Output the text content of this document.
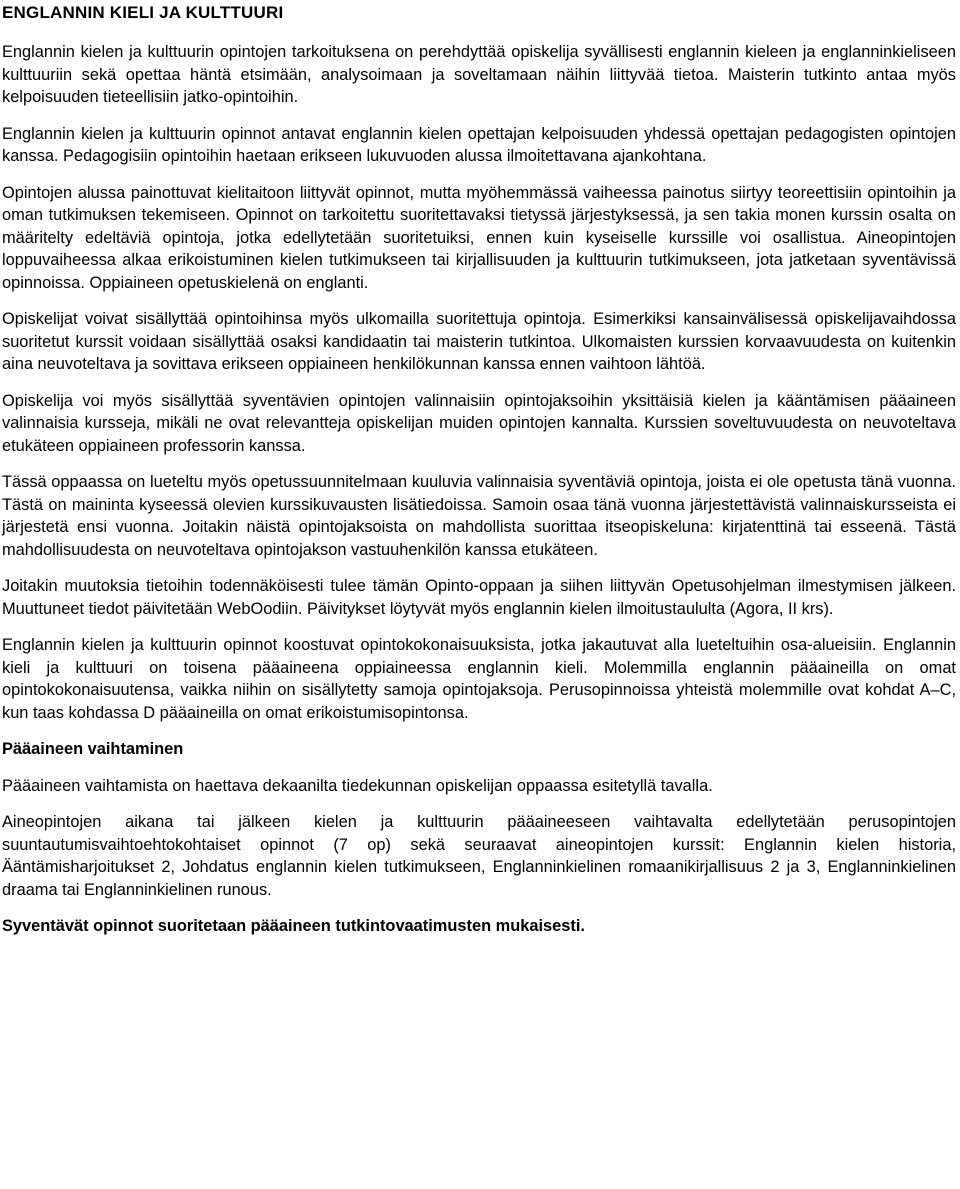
ENGLANNIN KIELI JA KULTTUURI

Englannin kielen ja kulttuurin opintojen tarkoituksena on perehdyttää opiskelija syvällisesti englannin kieleen ja englanninkieliseen kulttuuriin sekä opettaa häntä etsimään, analysoimaan ja soveltamaan näihin liittyvää tietoa. Maisterin tutkinto antaa myös kelpoisuuden tieteellisiin jatko-opintoihin.

Englannin kielen ja kulttuurin opinnot antavat englannin kielen opettajan kelpoisuuden yhdessä opettajan pedagogisten opintojen kanssa. Pedagogisiin opintoihin haetaan erikseen lukuvuoden alussa ilmoitettavana ajankohtana.

Opintojen alussa painottuvat kielitaitoon liittyvät opinnot, mutta myöhemmässä vaiheessa painotus siirtyy teoreettisiin opintoihin ja oman tutkimuksen tekemiseen. Opinnot on tarkoitettu suoritettavaksi tietyssä järjestyksessä, ja sen takia monen kurssin osalta on määritelty edeltäviä opintoja, jotka edellytetään suoritetuiksi, ennen kuin kyseiselle kurssille voi osallistua. Aineopintojen loppuvaiheessa alkaa erikoistuminen kielen tutkimukseen tai kirjallisuuden ja kulttuurin tutkimukseen, jota jatketaan syventävissä opinnoissa. Oppiaineen opetuskielenä on englanti.

Opiskelijat voivat sisällyttää opintoihinsa myös ulkomailla suoritettuja opintoja. Esimerkiksi kansainvälisessä opiskelijavaihdossa suoritetut kurssit voidaan sisällyttää osaksi kandidaatin tai maisterin tutkintoa. Ulkomaisten kurssien korvaavuudesta on kuitenkin aina neuvoteltava ja sovittava erikseen oppiaineen henkilökunnan kanssa ennen vaihtoon lähtöä.

Opiskelija voi myös sisällyttää syventävien opintojen valinnaisiin opintojaksoihin yksittäisiä kielen ja kääntämisen pääaineen valinnaisia kursseja, mikäli ne ovat relevantteja opiskelijan muiden opintojen kannalta. Kurssien soveltuvuudesta on neuvoteltava etukäteen oppiaineen professorin kanssa.

Tässä oppaassa on lueteltu myös opetussuunnitelmaan kuuluvia valinnaisia syventäviä opintoja, joista ei ole opetusta tänä vuonna. Tästä on maininta kyseessä olevien kurssikuvausten lisätiedoissa. Samoin osaa tänä vuonna järjestettävistä valinnaiskursseista ei järjestetä ensi vuonna. Joitakin näistä opintojaksoista on mahdollista suorittaa itseopiskeluna: kirjatenttinä tai esseenä. Tästä mahdollisuudesta on neuvoteltava opintojakson vastuuhenkilön kanssa etukäteen.

Joitakin muutoksia tietoihin todennäköisesti tulee tämän Opinto-oppaan ja siihen liittyvän Opetusohjelman ilmestymisen jälkeen. Muuttuneet tiedot päivitetään WebOodiin. Päivitykset löytyvät myös englannin kielen ilmoitustaululta (Agora, II krs).

Englannin kielen ja kulttuurin opinnot koostuvat opintokokonaisuuksista, jotka jakautuvat alla lueteltuihin osa-alueisiin. Englannin kieli ja kulttuuri on toisena pääaineena oppiaineessa englannin kieli. Molemmilla englannin pääaineilla on omat opintokokonaisuutensa, vaikka niihin on sisällytetty samoja opintojaksoja. Perusopinnoissa yhteistä molemmille ovat kohdat A–C, kun taas kohdassa D pääaineilla on omat erikoistumisopintonsa.

Pääaineen vaihtaminen

Pääaineen vaihtamista on haettava dekaanilta tiedekunnan opiskelijan oppaassa esitetyllä tavalla.

Aineopintojen aikana tai jälkeen kielen ja kulttuurin pääaineeseen vaihtavalta edellytetään perusopintojen suuntautumisvaihtoehtokohtaiset opinnot (7 op) sekä seuraavat aineopintojen kurssit: Englannin kielen historia, Ääntämisharjoitukset 2, Johdatus englannin kielen tutkimukseen, Englanninkielinen romaanikirjallisuus 2 ja 3, Englanninkielinen draama tai Englanninkielinen runous.

Syventävät opinnot suoritetaan pääaineen tutkintovaatimusten mukaisesti.
